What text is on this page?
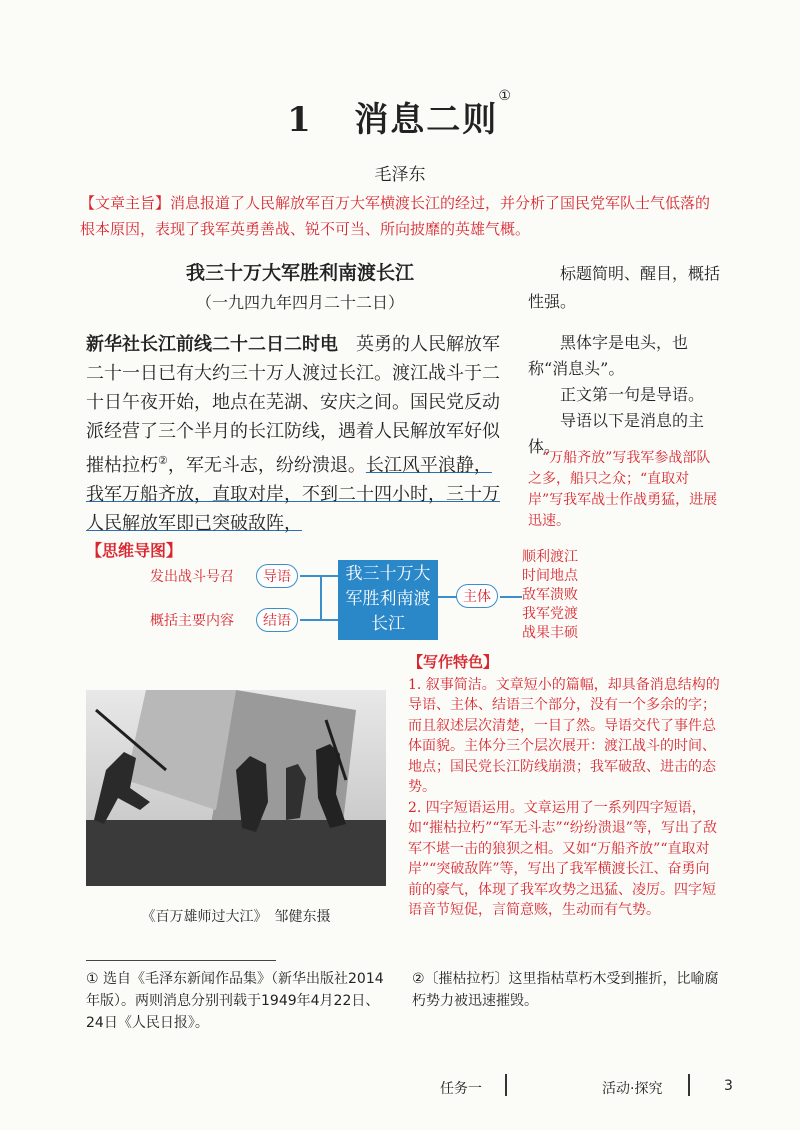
1 消息二则①
毛泽东
【文章主旨】消息报道了人民解放军百万大军横渡长江的经过，并分析了国民党军队士气低落的根本原因，表现了我军英勇善战、锐不可当、所向披靡的英雄气概。
我三十万大军胜利南渡长江
（一九四九年四月二十二日）
新华社长江前线二十二日二时电　英勇的人民解放军二十一日已有大约三十万人渡过长江。渡江战斗于二十日午夜开始，地点在芜湖、安庆之间。国民党反动派经营了三个半月的长江防线，遇着人民解放军好似摧枯拉朽②，军无斗志，纷纷溃退。长江风平浪静，我军万船齐放，直取对岸，不到二十四小时，三十万人民解放军即已突破敌阵，
标题简明、醒目，概括性强。

黑体字是电头，也称“消息头”。

正文第一句是导语。

导语以下是消息的主体。

“万船齐放”写我军参战部队之多，船只之众；“直取对岸”写我军战士作战勇猛，进展迅速。
【思维导图】
发出战斗号召
概括主要内容
导语
结语
我三十万大军胜利南渡长江
主体
顺利渡江
时间地点
敌军溃败
我军党渡
战果丰硕
《百万雄师过大江》　邹健东摄
【写作特色】

1. 叙事简洁。文章短小的篇幅，却具备消息结构的导语、主体、结语三个部分，没有一个多余的字；而且叙述层次清楚，一目了然。导语交代了事件总体面貌。主体分三个层次展开：渡江战斗的时间、地点；国民党长江防线崩溃；我军破敌、进击的态势。

2. 四字短语运用。文章运用了一系列四字短语，如“摧枯拉朽”“军无斗志”“纷纷溃退”等，写出了敌军不堪一击的狼狈之相。又如“万船齐放”“直取对岸”“突破敌阵”等，写出了我军横渡长江、奋勇向前的豪气，体现了我军攻势之迅猛、凌厉。四字短语音节短促，言简意赅，生动而有气势。

① 选自《毛泽东新闻作品集》（新华出版社2014年版）。两则消息分别刊载于1949年4月22日、24日《人民日报》。
②〔摧枯拉朽〕这里指枯草朽木受到摧折，比喻腐朽势力被迅速摧毁。
任务一	活动·探究	3
